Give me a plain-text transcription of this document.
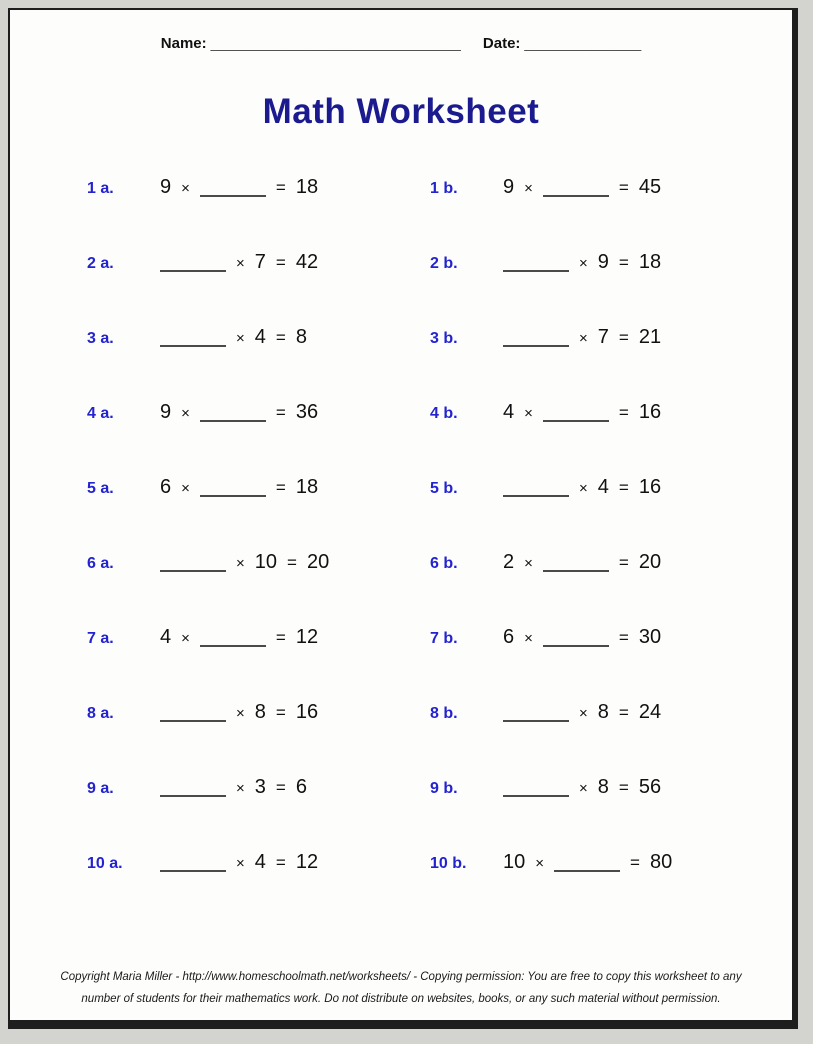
Name: ______________________________ Date: ______________
Math Worksheet
1 a.	9 ×	= 18	1 b.	9 ×	= 45
2 a.	× 7 = 42	2 b.	× 9 = 18
3 a.	× 4 = 8	3 b.	× 7 = 21
4 a.	9 ×	= 36	4 b.	4 ×	= 16
5 a.	6 ×	= 18	5 b.	× 4 = 16
6 a.	× 10 = 20	6 b.	2 ×	= 20
7 a.	4 ×	= 12	7 b.	6 ×	= 30
8 a.	× 8 = 16	8 b.	× 8 = 24
9 a.	× 3 = 6	9 b.	× 8 = 56
10 a.	× 4 = 12	10 b.	10 ×	= 80
Copyright Maria Miller - http://www.homeschoolmath.net/worksheets/ - Copying permission: You are free to copy this worksheet to any
number of students for their mathematics work. Do not distribute on websites, books, or any such material without permission.
